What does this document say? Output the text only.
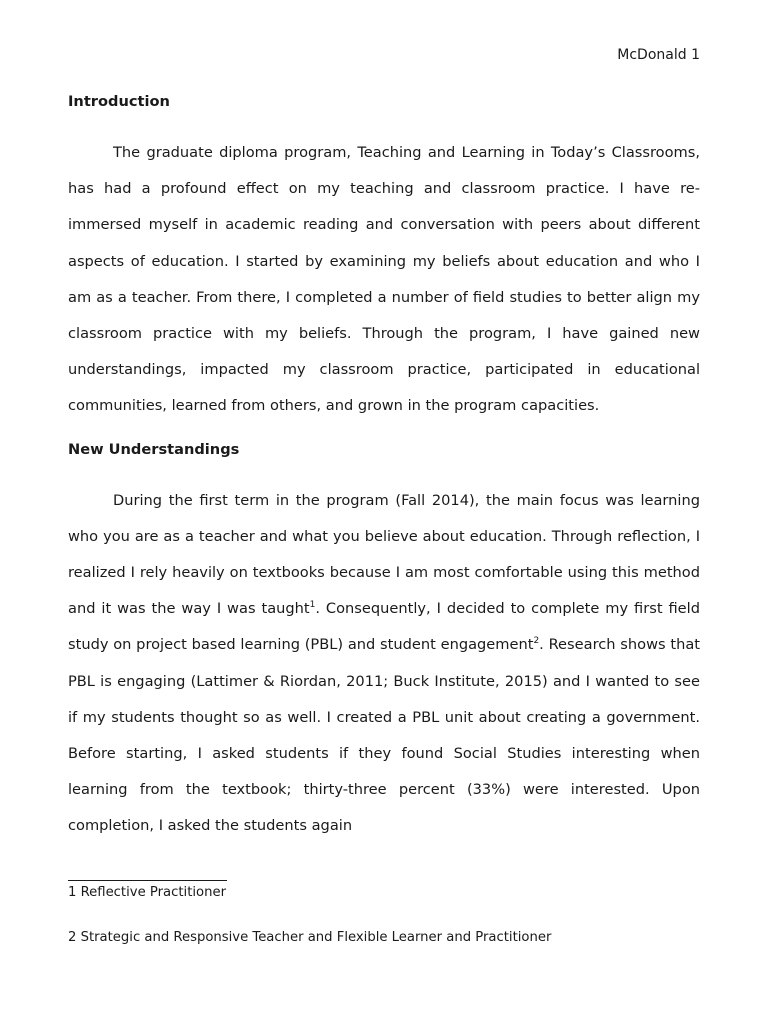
McDonald 1
Introduction

The graduate diploma program, Teaching and Learning in Today’s Classrooms, has had a profound effect on my teaching and classroom practice. I have re-immersed myself in academic reading and conversation with peers about different aspects of education. I started by examining my beliefs about education and who I am as a teacher. From there, I completed a number of field studies to better align my classroom practice with my beliefs. Through the program, I have gained new understandings, impacted my classroom practice, participated in educational communities, learned from others, and grown in the program capacities.

New Understandings

During the first term in the program (Fall 2014), the main focus was learning who you are as a teacher and what you believe about education. Through reflection, I realized I rely heavily on textbooks because I am most comfortable using this method and it was the way I was taught$^1$. Consequently, I decided to complete my first field study on project based learning (PBL) and student engagement$^2$. Research shows that PBL is engaging (Lattimer & Riordan, 2011; Buck Institute, 2015) and I wanted to see if my students thought so as well. I created a PBL unit about creating a government. Before starting, I asked students if they found Social Studies interesting when learning from the textbook; thirty-three percent (33%) were interested. Upon completion, I asked the students again

1 Reflective Practitioner
2 Strategic and Responsive Teacher and Flexible Learner and Practitioner
